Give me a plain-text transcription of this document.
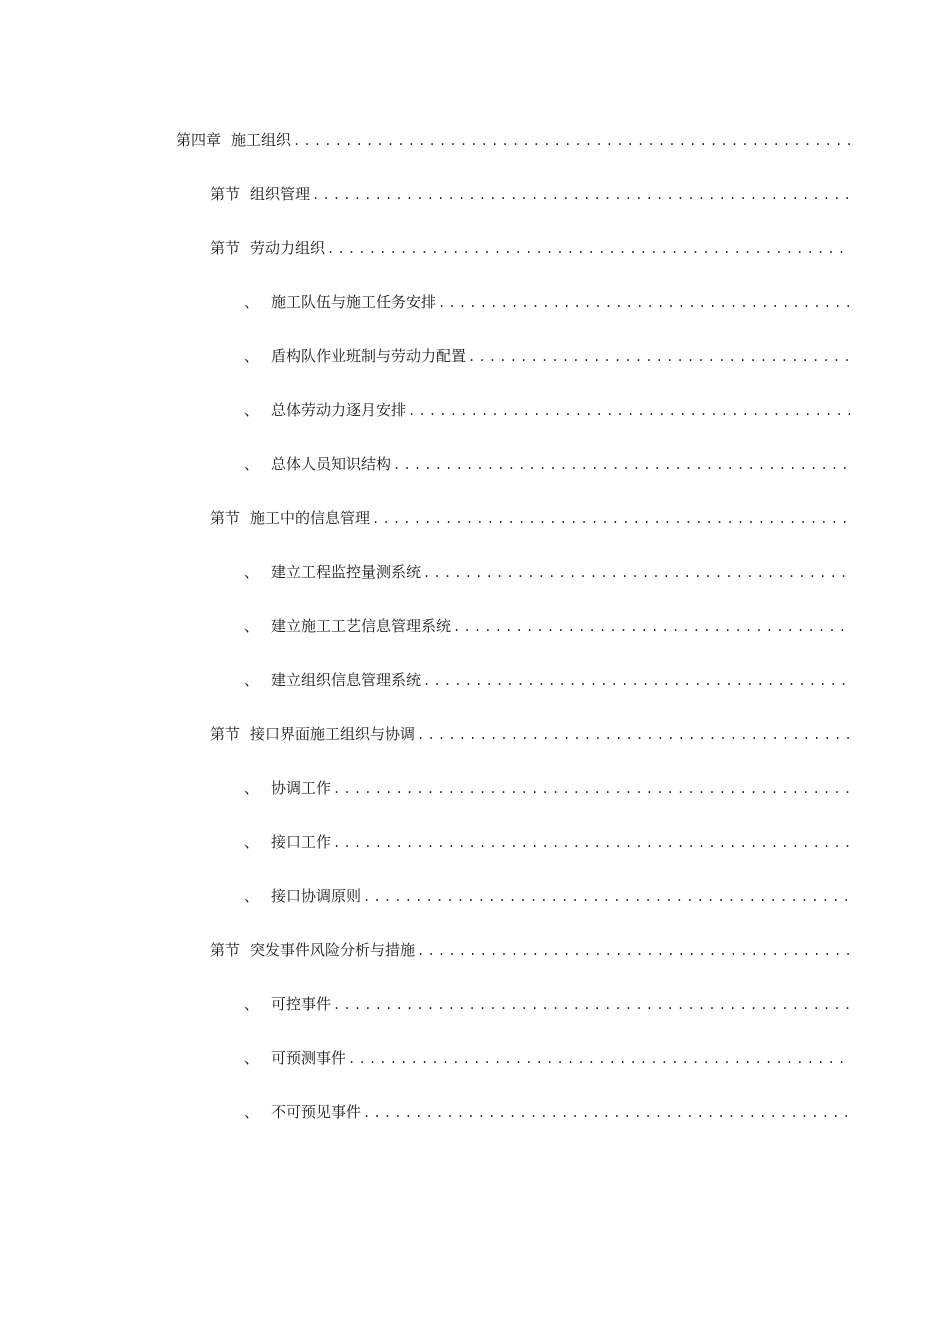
第四章 施工组织
.....
第节 组织管理
.....
第节 劳动力组织
.....
、 施工队伍与施工任务安排
.....
、 盾构队作业班制与劳动力配置
.....
、 总体劳动力逐月安排
.....
、 总体人员知识结构
.....
第节 施工中的信息管理
.....
、 建立工程监控量测系统
.....
、 建立施工工艺信息管理系统
.....
、 建立组织信息管理系统
.....
第节 接口界面施工组织与协调
.....
、 协调工作
.....
、 接口工作
.....
、 接口协调原则
.....
第节 突发事件风险分析与措施
.....
、 可控事件
.....
、 可预测事件
.....
、 不可预见事件
.....
